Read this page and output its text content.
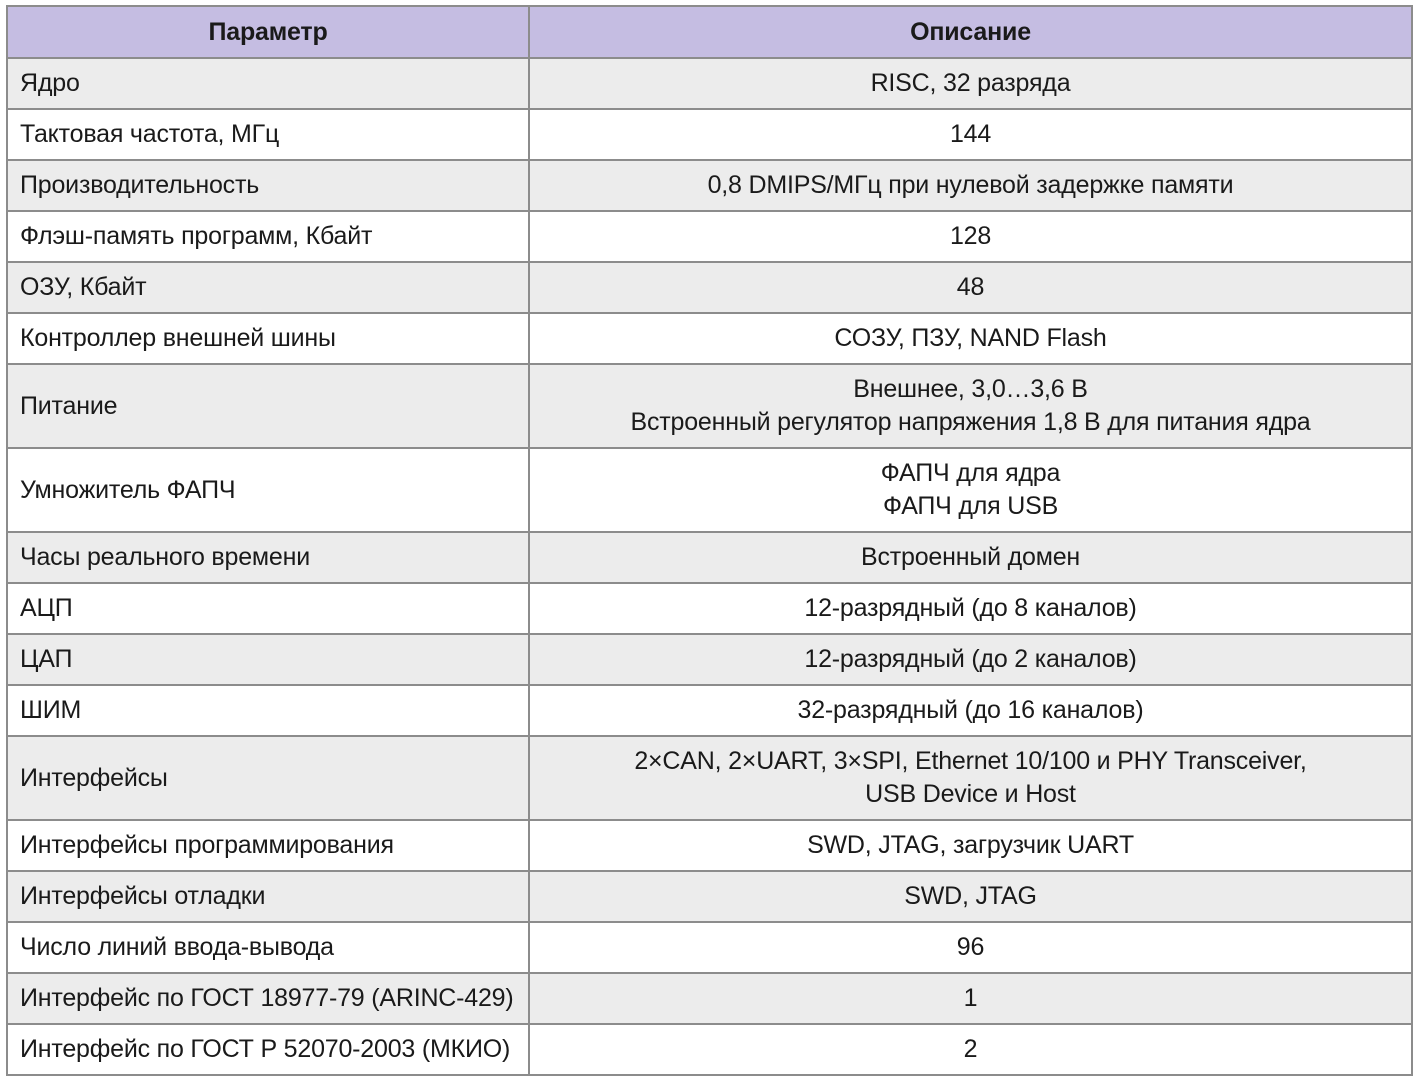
Параметр	Описание
Ядро	RISC, 32 разряда

Тактовая частота, МГц	144

Производительность	0,8 DMIPS/МГц при нулевой задержке памяти

Флэш-память программ, Кбайт	128

ОЗУ, Кбайт	48

Контроллер внешней шины	СОЗУ, ПЗУ, NAND Flash

Питание	Внешнее, 3,0…3,6 В
Встроенный регулятор напряжения 1,8 В для питания ядра

Умножитель ФАПЧ	ФАПЧ для ядра
ФАПЧ для USB

Часы реального времени	Встроенный домен

АЦП	12-разрядный (до 8 каналов)

ЦАП	12-разрядный (до 2 каналов)

ШИМ	32-разрядный (до 16 каналов)

Интерфейсы	2×CAN, 2×UART, 3×SPI, Ethernet 10/100 и PHY Transceiver,
USB Device и Host

Интерфейсы программирования	SWD, JTAG, загрузчик UART

Интерфейсы отладки	SWD, JTAG

Число линий ввода-вывода	96

Интерфейс по ГОСТ 18977-79 (ARINC-429)	1

Интерфейс по ГОСТ Р 52070-2003 (МКИО)	2
